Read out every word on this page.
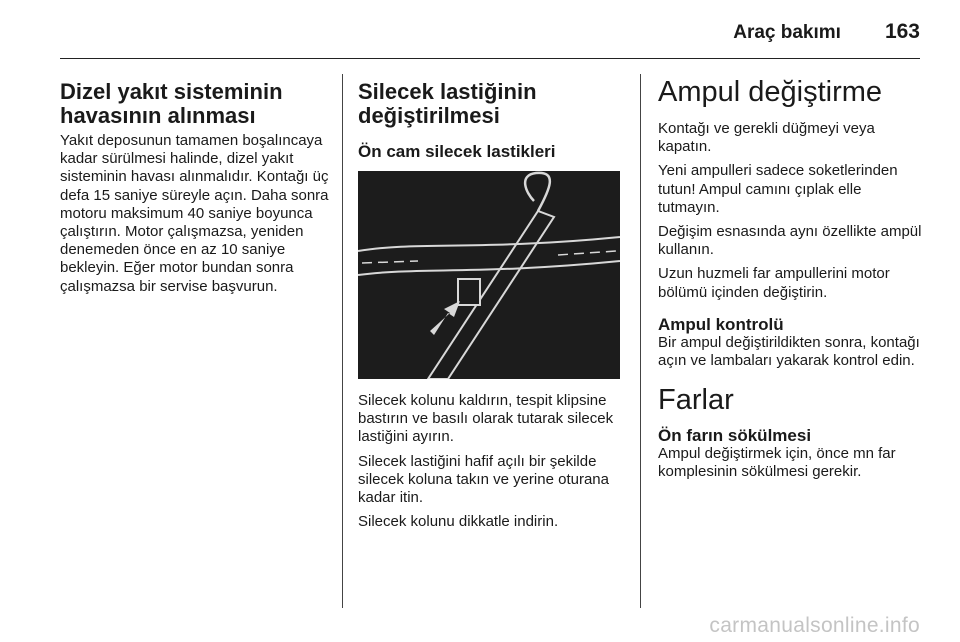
Araç bakımı 163
Dizel yakıt sisteminin havasının alınması

Yakıt deposunun tamamen boşalıncaya kadar sürülmesi halinde, dizel yakıt sisteminin havası alınmalıdır. Kontağı üç defa 15 saniye süreyle açın. Daha sonra motoru maksimum 40 saniye boyunca çalıştırın. Motor çalışmazsa, yeniden denemeden önce en az 10 saniye bekleyin. Eğer motor bundan sonra çalışmazsa bir servise başvurun.

Silecek lastiğinin değiştirilmesi
Ön cam silecek lastikleri

Silecek kolunu kaldırın, tespit klipsine bastırın ve basılı olarak tutarak silecek lastiğini ayırın.

Silecek lastiğini hafif açılı bir şekilde silecek koluna takın ve yerine oturana kadar itin.

Silecek kolunu dikkatle indirin.

Ampul değiştirme

Kontağı ve gerekli düğmeyi veya kapatın.

Yeni ampulleri sadece soketlerinden tutun! Ampul camını çıplak elle tutmayın.

Değişim esnasında aynı özellikte ampül kullanın.

Uzun huzmeli far ampullerini motor bölümü içinden değiştirin.

Ampul kontrolü

Bir ampul değiştirildikten sonra, kontağı açın ve lambaları yakarak kontrol edin.

Farlar
Ön farın sökülmesi

Ampul değiştirmek için, önce mn far komplesinin sökülmesi gerekir.

carmanualsonline.info
